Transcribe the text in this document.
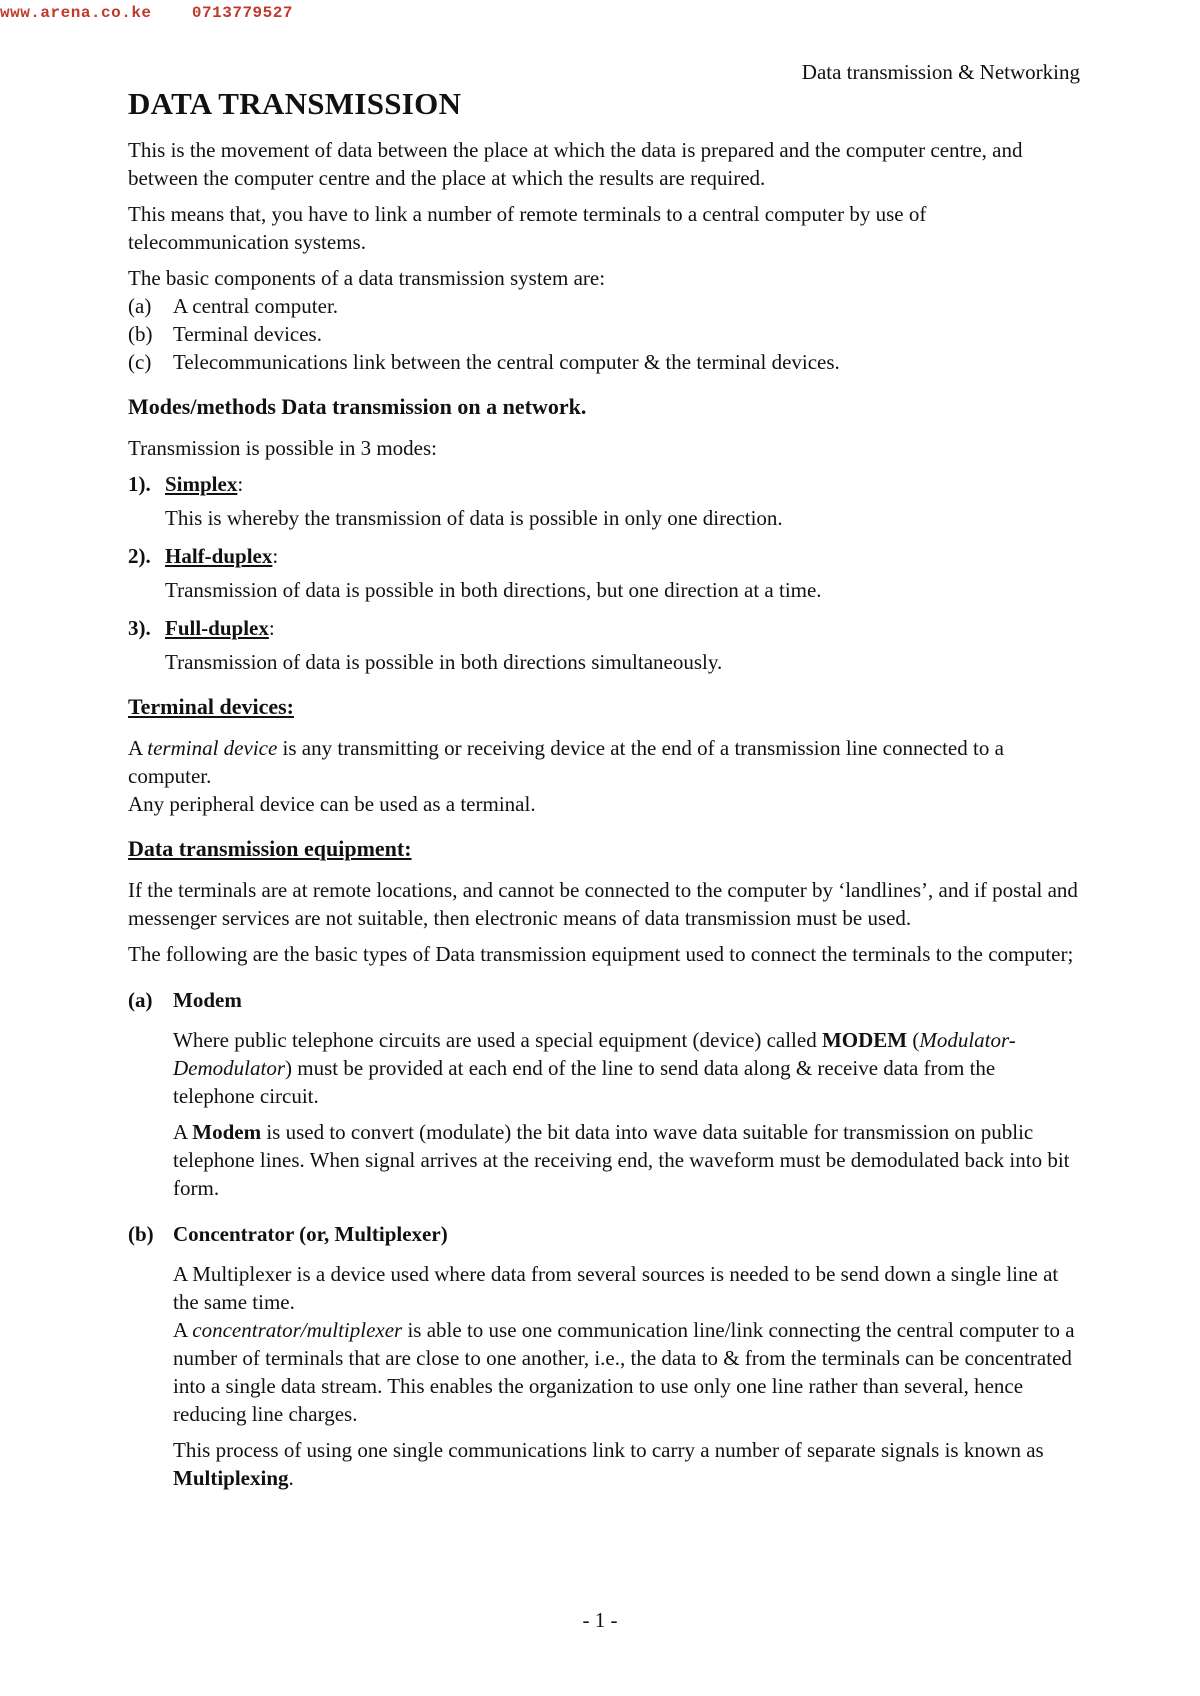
www.arena.co.ke    0713779527
Data transmission & Networking
DATA TRANSMISSION

This is the movement of data between the place at which the data is prepared and the computer centre, and between the computer centre and the place at which the results are required.

This means that, you have to link a number of remote terminals to a central computer by use of telecommunication systems.

The basic components of a data transmission system are:

(a)	A central computer.
(b) Terminal devices.
(c)	Telecommunications link between the central computer & the terminal devices.
Modes/methods Data transmission on a network.

Transmission is possible in 3 modes:

1). Simplex:
This is whereby the transmission of data is possible in only one direction.
2). Half-duplex:
Transmission of data is possible in both directions, but one direction at a time.
3). Full-duplex:
Transmission of data is possible in both directions simultaneously.
Terminal devices:

A terminal device is any transmitting or receiving device at the end of a transmission line connected to a computer.

Any peripheral device can be used as a terminal.

Data transmission equipment:

If the terminals are at remote locations, and cannot be connected to the computer by ‘landlines’, and if postal and messenger services are not suitable, then electronic means of data transmission must be used.

The following are the basic types of Data transmission equipment used to connect the terminals to the computer;

(a) Modem

Where public telephone circuits are used a special equipment (device) called MODEM (Modulator-Demodulator) must be provided at each end of the line to send data along & receive data from the telephone circuit.

A Modem is used to convert (modulate) the bit data into wave data suitable for transmission on public telephone lines. When signal arrives at the receiving end, the waveform must be demodulated back into bit form.

(b) Concentrator (or, Multiplexer)

A Multiplexer is a device used where data from several sources is needed to be send down a single line at the same time.

A concentrator/multiplexer is able to use one communication line/link connecting the central computer to a number of terminals that are close to one another, i.e., the data to & from the terminals can be concentrated into a single data stream. This enables the organization to use only one line rather than several, hence reducing line charges.

This process of using one single communications link to carry a number of separate signals is known as Multiplexing.

- 1 -
